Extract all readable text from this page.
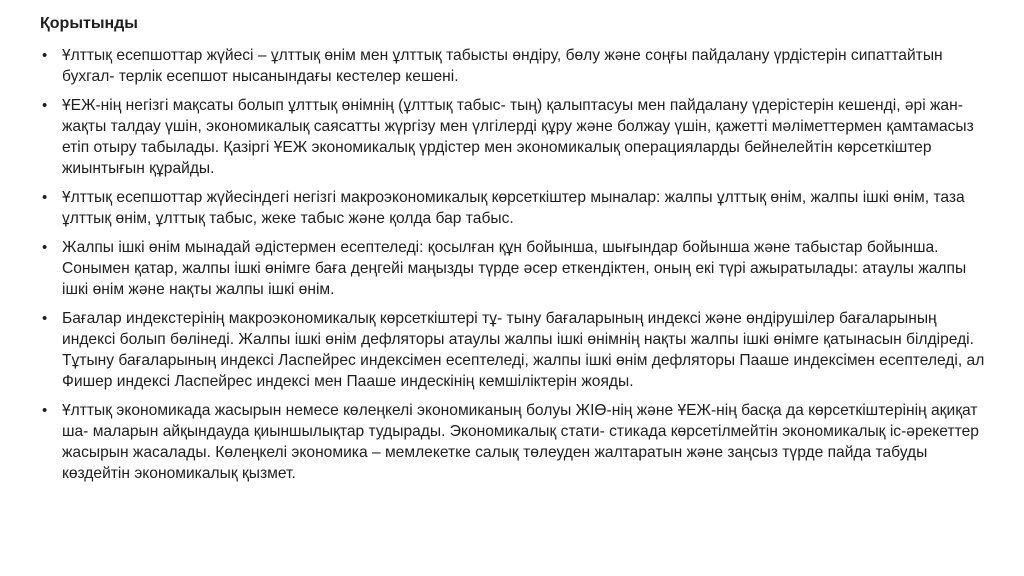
Қорытынды
• Ұлттық есепшоттар жүйесі – ұлттық өнім мен ұлттық табысты өндіру, бөлу және соңғы пайдалану үрдістерін сипаттайтын бухгал- терлік есепшот нысанындағы кестелер кешені.
• ҰЕЖ-нің негізгі мақсаты болып ұлттық өнімнің (ұлттық табыс- тың) қалыптасуы мен пайдалану үдерістерін кешенді, әрі жан-жақты талдау үшін, экономикалық саясатты жүргізу мен үлгілерді құру және болжау үшін, қажетті мәліметтермен қамтамасыз етіп отыру табылады. Қазіргі ҰЕЖ экономикалық үрдістер мен экономикалық операцияларды бейнелейтін көрсеткіштер жиынтығын құрайды.
• Ұлттық есепшоттар жүйесіндегі негізгі макроэкономикалық көрсеткіштер мыналар: жалпы ұлттық өнім, жалпы ішкі өнім, таза ұлттық өнім, ұлттық табыс, жеке табыс және қолда бар табыс.
• Жалпы ішкі өнім мынадай әдістермен есептеледі: қосылған құн бойынша, шығындар бойынша және табыстар бойынша. Сонымен қатар, жалпы ішкі өнімге баға деңгейі маңызды түрде әсер еткендіктен, оның екі түрі ажыратылады: атаулы жалпы ішкі өнім және нақты жалпы ішкі өнім.
• Бағалар индекстерінің макроэкономикалық көрсеткіштері тұ- тыну бағаларының индексі және өндірушілер бағаларының индексі болып бөлінеді. Жалпы ішкі өнім дефляторы атаулы жалпы ішкі өнімнің нақты жалпы ішкі өнімге қатынасын білдіреді. Тұтыну бағаларының индексі Ласпейрес индексімен есептеледі, жалпы ішкі өнім дефляторы Пааше индексімен есептеледі, ал Фишер индексі Ласпейрес индексі мен Пааше индескінің кемшіліктерін жояды.
• Ұлттық экономикада жасырын немесе көлеңкелі экономиканың болуы ЖІӨ-нің және ҰЕЖ-нің басқа да көрсеткіштерінің ақиқат ша- маларын айқындауда қиыншылықтар тудырады. Экономикалық стати- стикада көрсетілмейтін экономикалық іс-әрекеттер жасырын жасалады. Көлеңкелі экономика – мемлекетке салық төлеуден жалтаратын және заңсыз түрде пайда табуды көздейтін экономикалық қызмет.
